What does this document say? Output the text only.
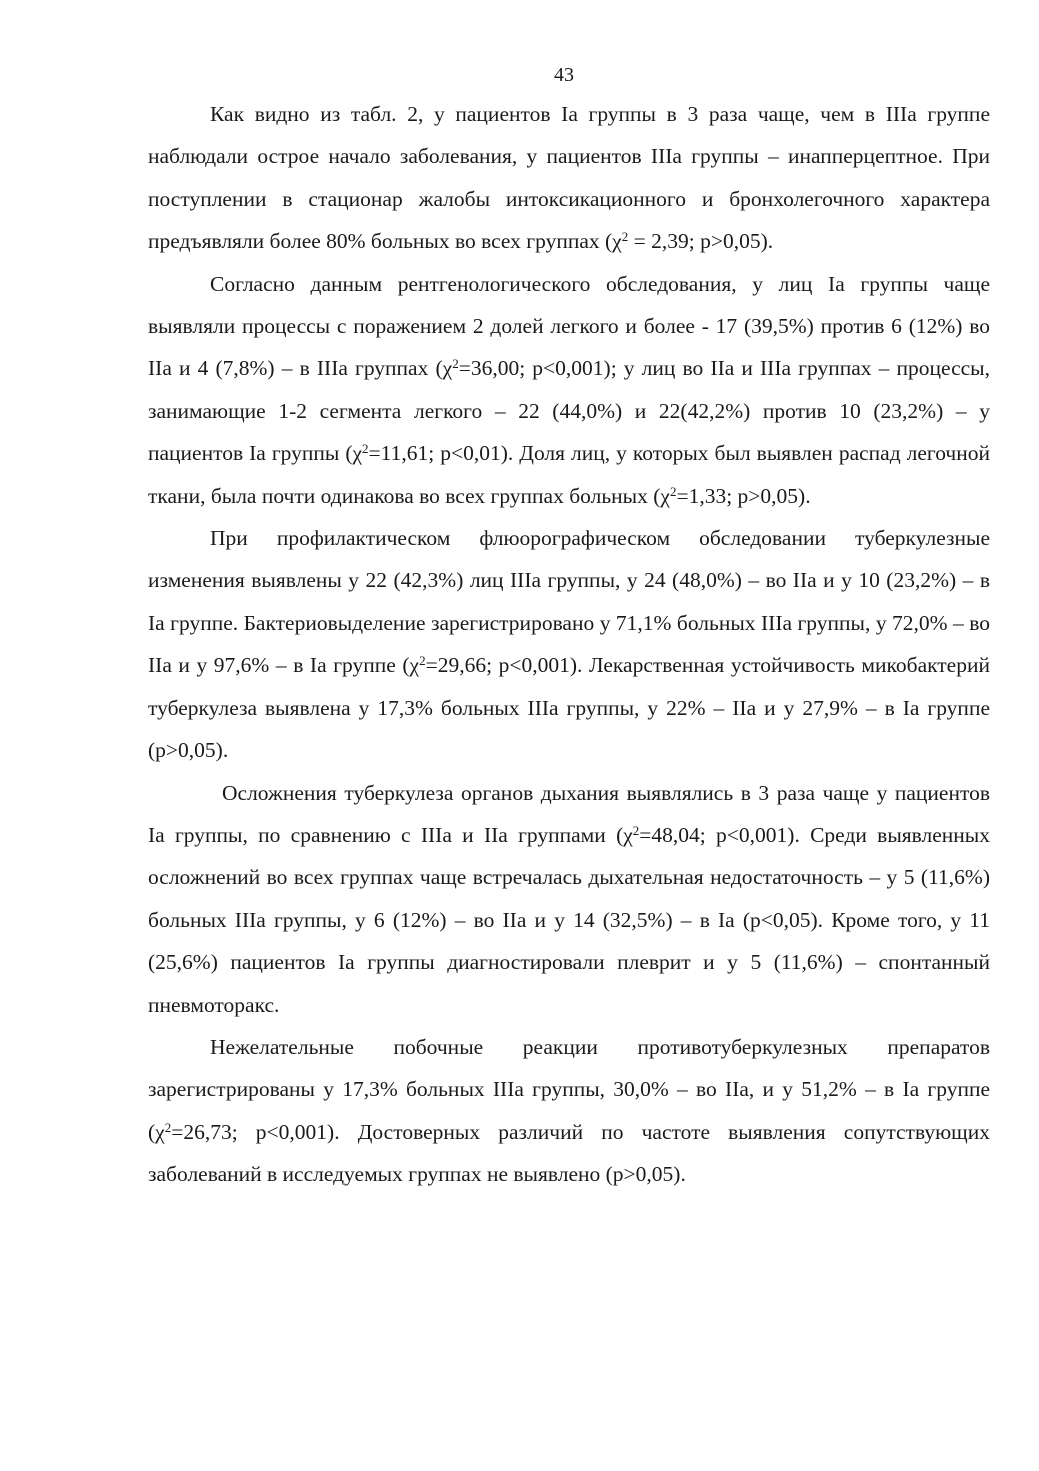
43

Как видно из табл. 2, у пациентов Ia группы в 3 раза чаще, чем в IIIа группе наблюдали острое начало заболевания, у пациентов IIIа группы – инапперцептное. При поступлении в стационар жалобы интоксикационного и бронхолегочного характера предъявляли более 80% больных во всех группах ($\chi^2 = 2,39$; р>0,05).

Согласно данным рентгенологического обследования, у лиц Ia группы чаще выявляли процессы с поражением 2 долей легкого и более - 17 (39,5%) против 6 (12%) во IIа и 4 (7,8%) – в IIIа группах ($\chi^2=36,00$; р<0,001); у лиц во IIа и IIIа группах – процессы, занимающие 1-2 сегмента легкого – 22 (44,0%) и 22(42,2%) против 10 (23,2%) – у пациентов Ia группы ($\chi^2=11,61$; р<0,01). Доля лиц, у которых был выявлен распад легочной ткани, была почти одинакова во всех группах больных ($\chi^2=1,33$; р>0,05).

При профилактическом флюорографическом обследовании туберкулезные изменения выявлены у 22 (42,3%) лиц IIIа группы, у 24 (48,0%) – во IIа и у 10 (23,2%) – в Ia группе. Бактериовыделение зарегистрировано у 71,1% больных IIIа группы, у 72,0% – во IIа и у 97,6% – в Ia группе ($\chi^2=29,66$; р<0,001). Лекарственная устойчивость микобактерий туберкулеза выявлена у 17,3% больных IIIа группы, у 22% – IIа и у 27,9% – в Ia группе (р>0,05).

Осложнения туберкулеза органов дыхания выявлялись в 3 раза чаще у пациентов Ia группы, по сравнению с IIIа и IIа группами ($\chi^2=48,04$; р<0,001). Среди выявленных осложнений во всех группах чаще встречалась дыхательная недостаточность – у 5 (11,6%) больных IIIа группы, у 6 (12%) – во IIа и у 14 (32,5%) – в Ia (р<0,05). Кроме того, у 11 (25,6%) пациентов Ia группы диагностировали плеврит и у 5 (11,6%) – спонтанный пневмоторакс.

Нежелательные побочные реакции противотуберкулезных препаратов зарегистрированы у 17,3% больных IIIа группы, 30,0% – во IIа, и у 51,2% – в Ia группе ($\chi^2=26,73$; р<0,001). Достоверных различий по частоте выявления сопутствующих заболеваний в исследуемых группах не выявлено (р>0,05).
